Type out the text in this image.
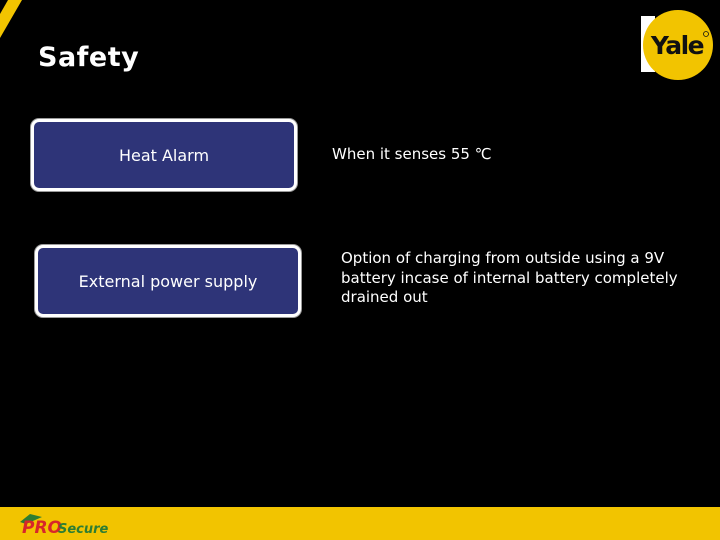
Safety	Yale
Heat Alarm	When it senses 55 ℃
External power supply
Option of charging from outside using a 9V battery incase of internal battery completely drained out
PRO
Secure
